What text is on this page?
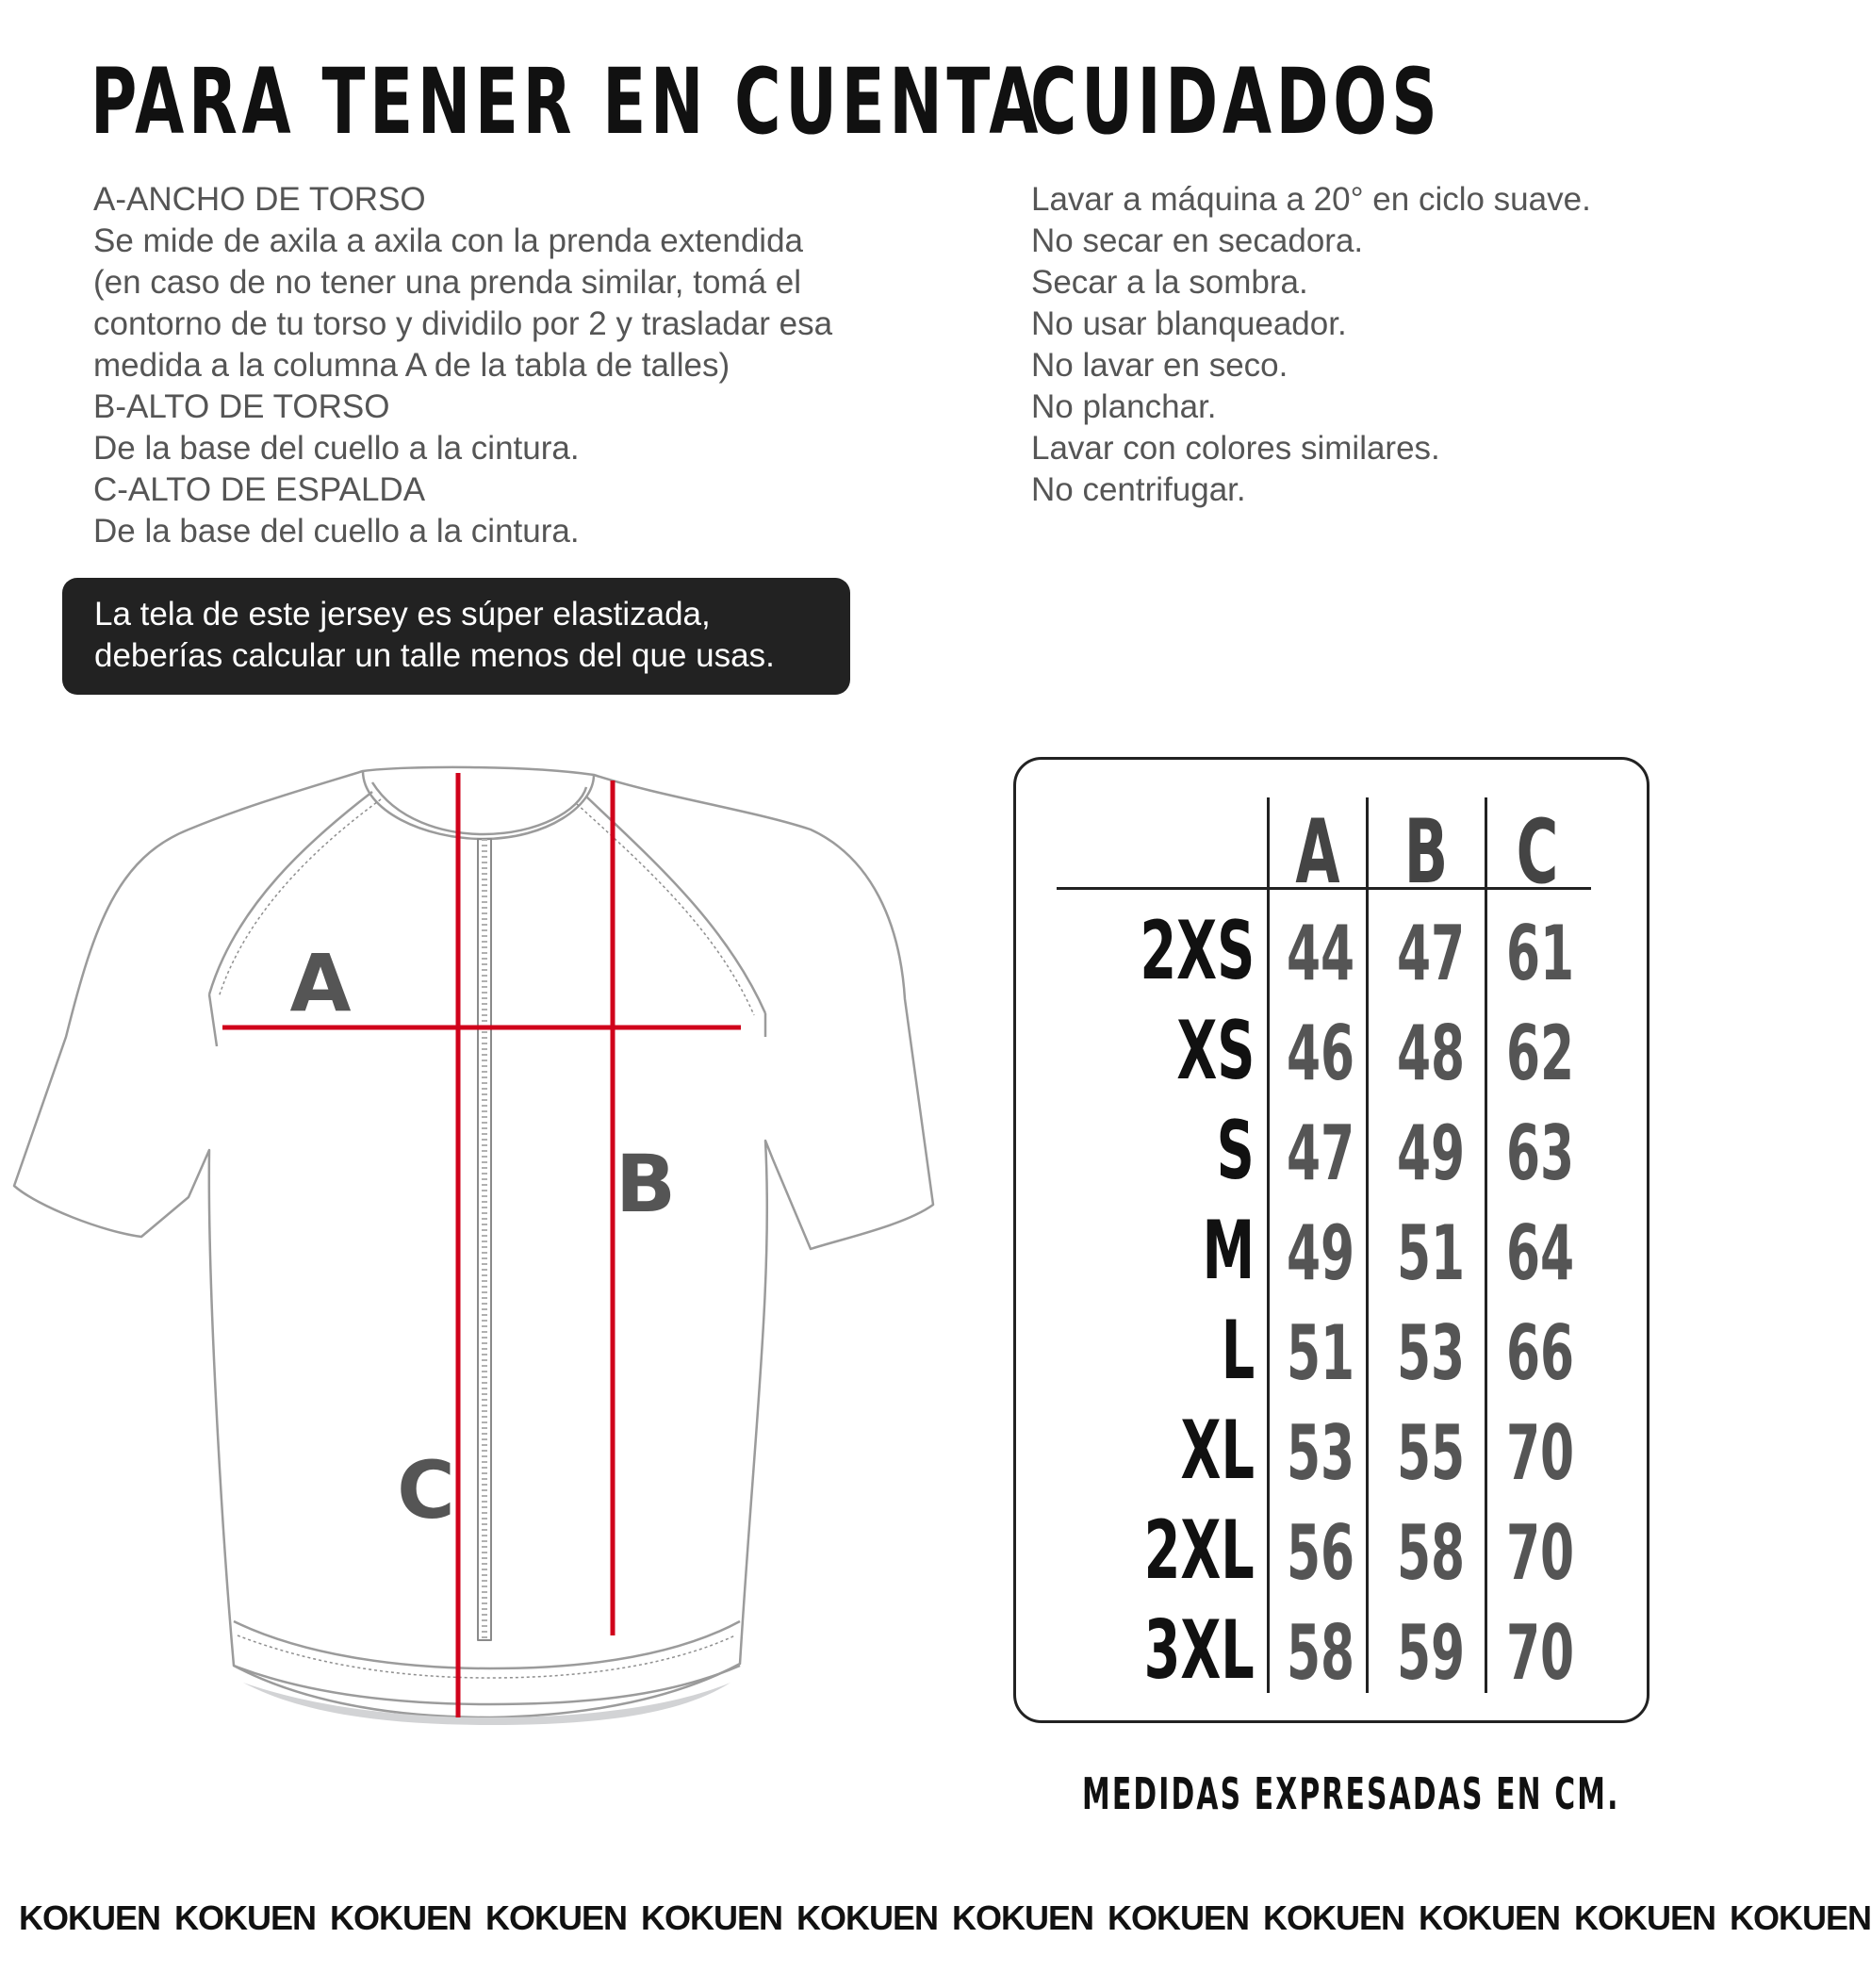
PARA TENER EN CUENTA
CUIDADOS
A-ANCHO DE TORSO
Se mide de axila a axila con la prenda extendida
(en caso de no tener una prenda similar, tomá el
contorno de tu torso y dividilo por 2 y trasladar esa
medida a la columna A de la tabla de talles)
B-ALTO DE TORSO
De la base del cuello a la cintura.
C-ALTO DE ESPALDA
De la base del cuello a la cintura.
Lavar a máquina a 20° en ciclo suave.
No secar en secadora.
Secar a la sombra.
No usar blanqueador.
No lavar en seco.
No planchar.
Lavar con colores similares.
No centrifugar.
La tela de este jersey es súper elastizada,
deberías calcular un talle menos del que usas.
A
B
C
A B C
2XS 44 47 61
XS 46 48 62
S 47 49 63
M 49 51 64
L 51 53 66
XL 53 55 70
2XL 56 58 70
3XL 58 59 70
MEDIDAS EXPRESADAS EN CM.
KOKUEN KOKUEN KOKUEN KOKUEN KOKUEN KOKUEN KOKUEN KOKUEN KOKUEN KOKUEN KOKUEN KOKUEN
